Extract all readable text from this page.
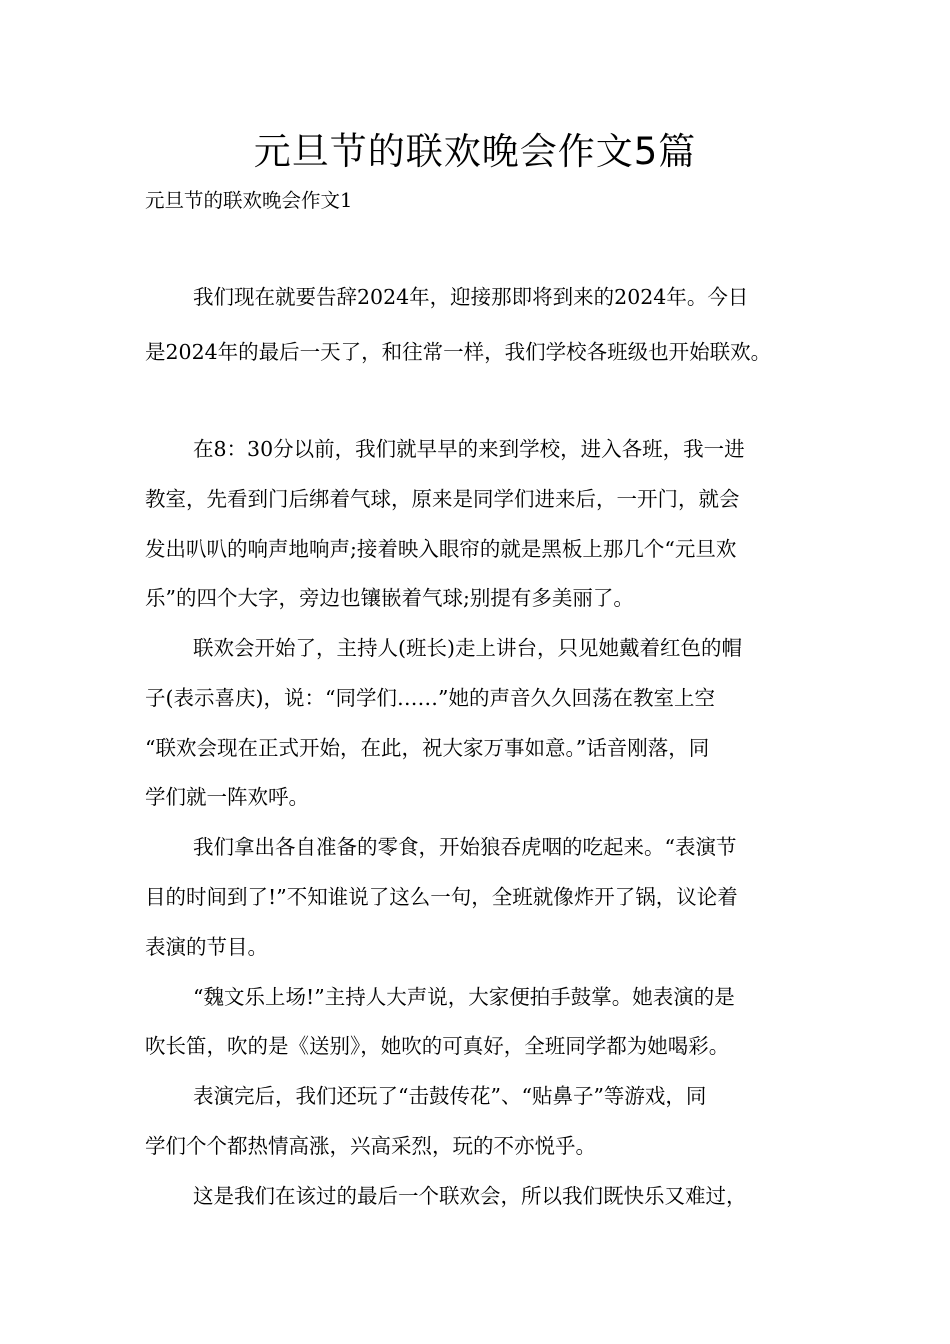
元旦节的联欢晚会作文5篇

元旦节的联欢晚会作文1

我们现在就要告辞2024年，迎接那即将到来的2024年。今日

是2024年的最后一天了，和往常一样，我们学校各班级也开始联欢。

在8：30分以前，我们就早早的来到学校，进入各班，我一进

教室，先看到门后绑着气球，原来是同学们进来后，一开门，就会

发出叭叭的响声地响声;接着映入眼帘的就是黑板上那几个“元旦欢

乐”的四个大字，旁边也镶嵌着气球;别提有多美丽了。

联欢会开始了，主持人(班长)走上讲台，只见她戴着红色的帽

子(表示喜庆)，说：“同学们……”她的声音久久回荡在教室上空

“联欢会现在正式开始，在此，祝大家万事如意。”话音刚落，同

学们就一阵欢呼。

我们拿出各自准备的零食，开始狼吞虎咽的吃起来。“表演节

目的时间到了!”不知谁说了这么一句，全班就像炸开了锅，议论着

表演的节目。

“魏文乐上场!”主持人大声说，大家便拍手鼓掌。她表演的是

吹长笛，吹的是《送别》，她吹的可真好，全班同学都为她喝彩。

表演完后，我们还玩了“击鼓传花”、“贴鼻子”等游戏，同

学们个个都热情高涨，兴高采烈，玩的不亦悦乎。

这是我们在该过的最后一个联欢会，所以我们既快乐又难过，
